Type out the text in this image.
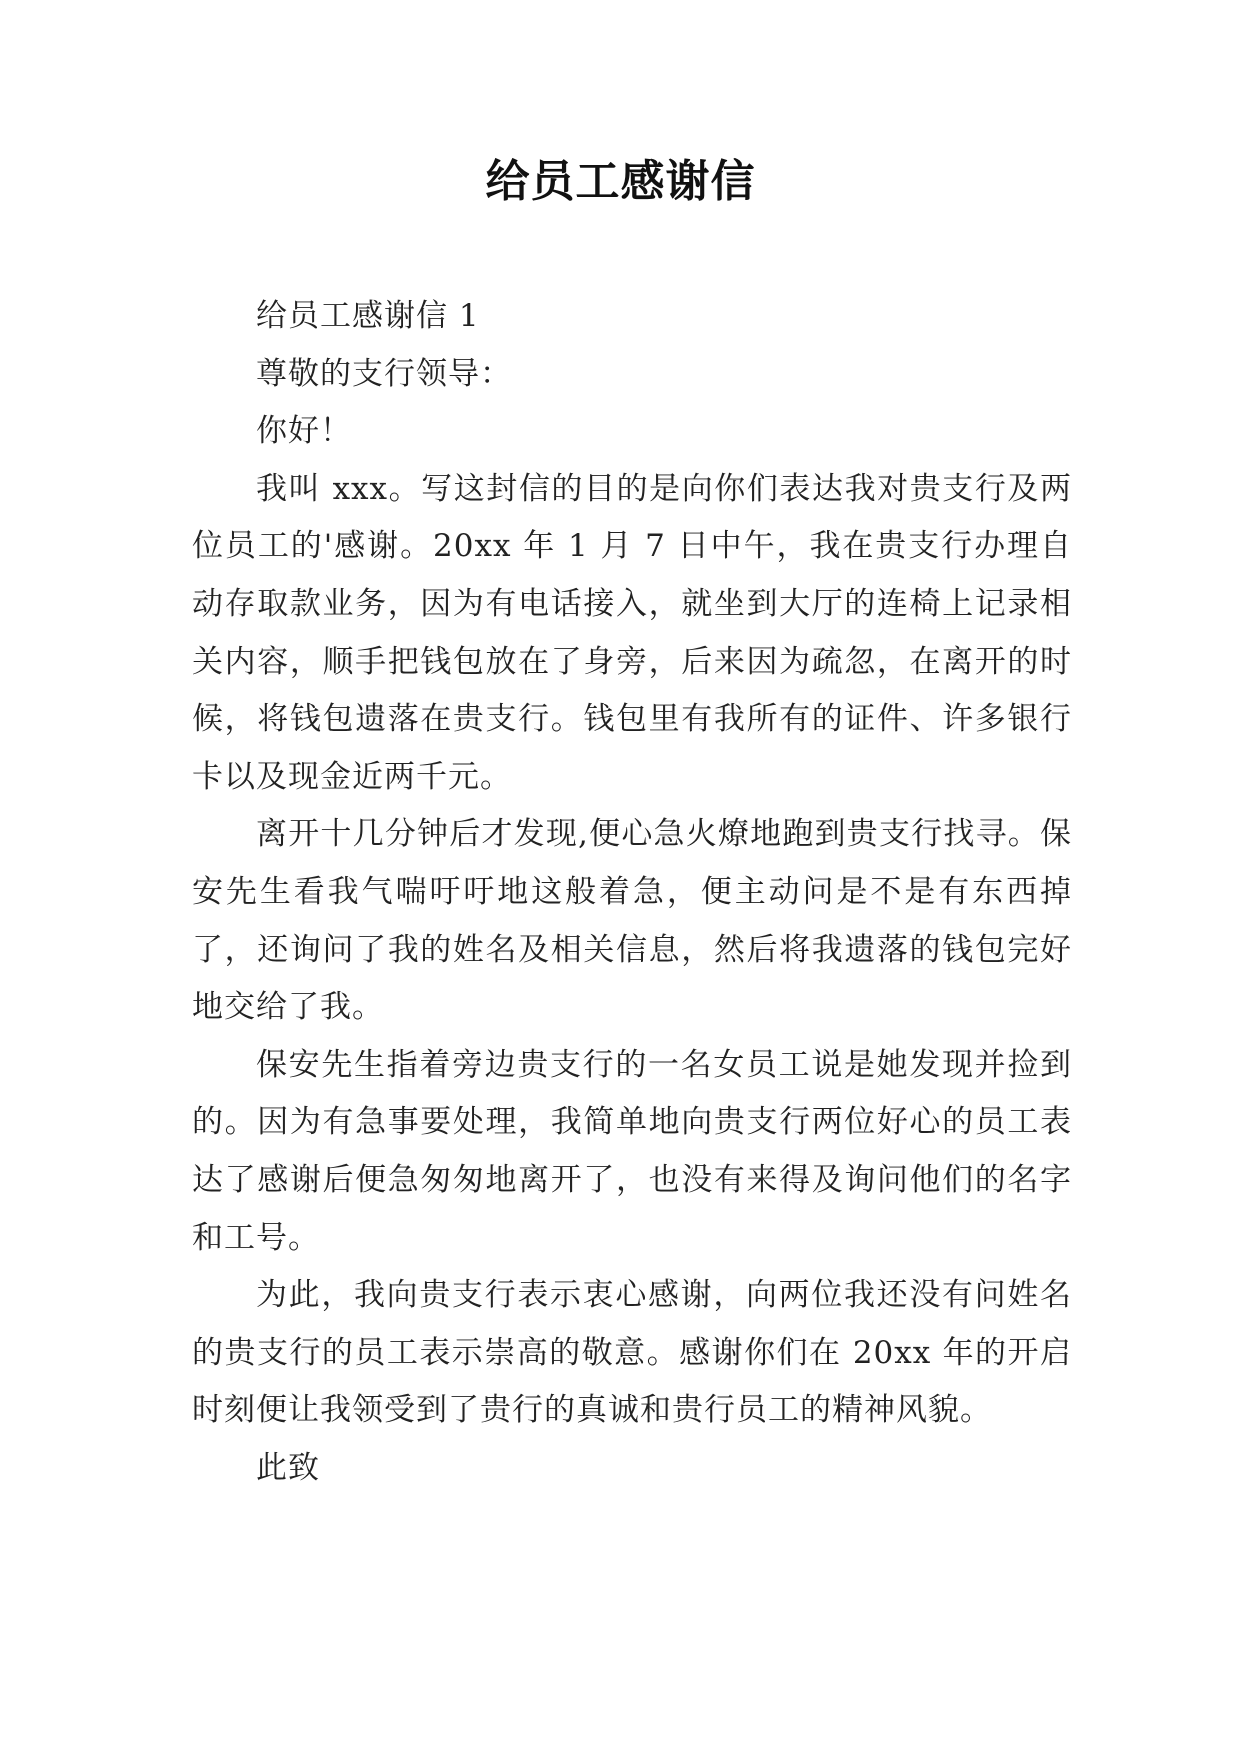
给员工感谢信

给员工感谢信 1

尊敬的支行领导：

你好！

我叫 xxx。写这封信的目的是向你们表达我对贵支行及两位员工的'感谢。20xx 年 1 月 7 日中午，我在贵支行办理自动存取款业务，因为有电话接入，就坐到大厅的连椅上记录相关内容，顺手把钱包放在了身旁，后来因为疏忽，在离开的时候，将钱包遗落在贵支行。钱包里有我所有的证件、许多银行卡以及现金近两千元。

离开十几分钟后才发现,便心急火燎地跑到贵支行找寻。保安先生看我气喘吁吁地这般着急，便主动问是不是有东西掉了，还询问了我的姓名及相关信息，然后将我遗落的钱包完好地交给了我。

保安先生指着旁边贵支行的一名女员工说是她发现并捡到的。因为有急事要处理，我简单地向贵支行两位好心的员工表达了感谢后便急匆匆地离开了，也没有来得及询问他们的名字和工号。

为此，我向贵支行表示衷心感谢，向两位我还没有问姓名的贵支行的员工表示崇高的敬意。感谢你们在 20xx 年的开启时刻便让我领受到了贵行的真诚和贵行员工的精神风貌。

此致
